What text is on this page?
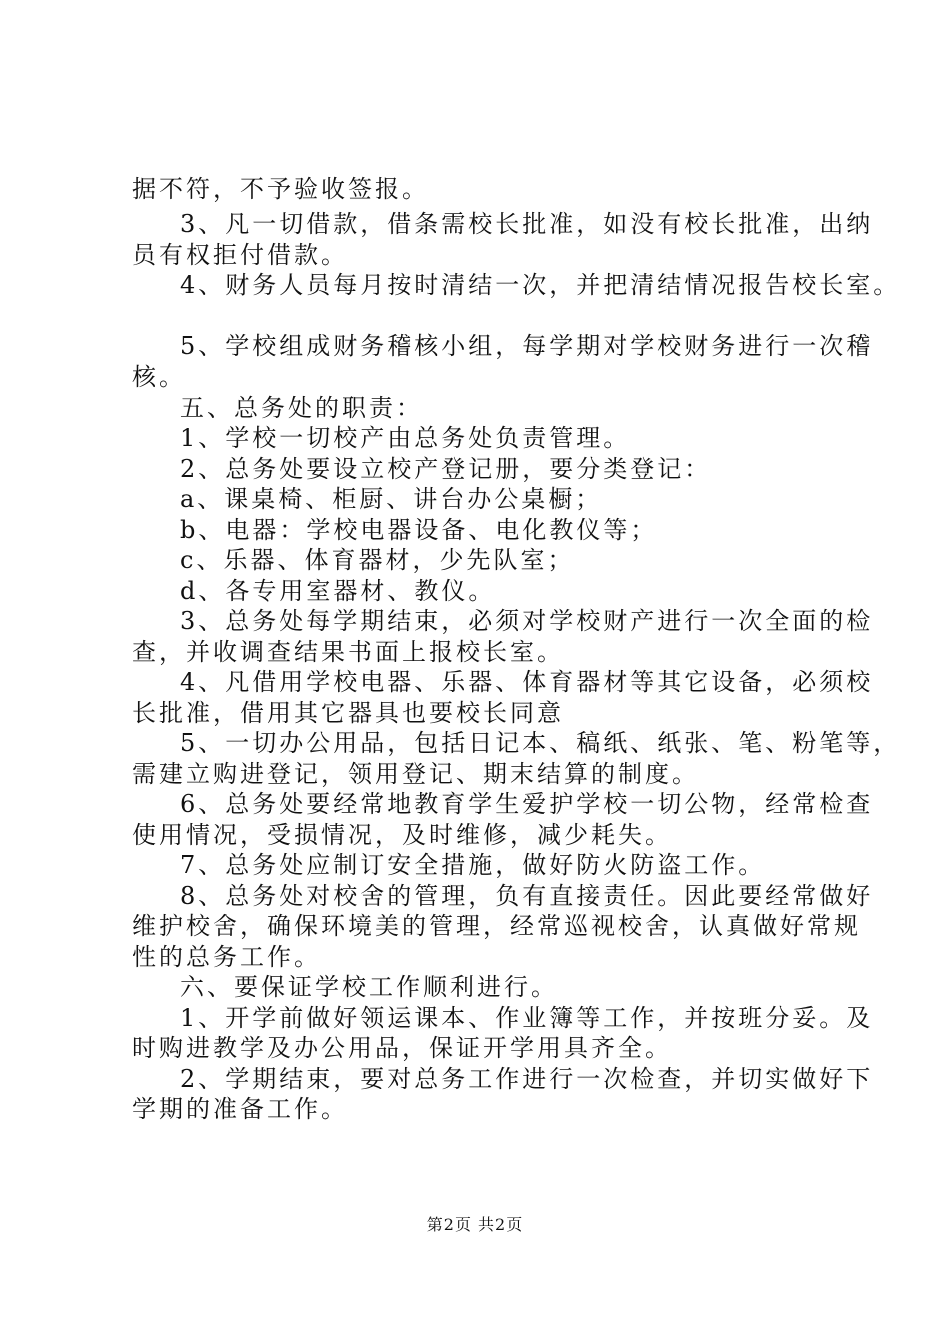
据不符，不予验收签报。
3、凡一切借款，借条需校长批准，如没有校长批准，出纳
员有权拒付借款。
4、财务人员每月按时清结一次，并把清结情况报告校长室。
5、学校组成财务稽核小组，每学期对学校财务进行一次稽
核。
五、总务处的职责：
1、学校一切校产由总务处负责管理。
2、总务处要设立校产登记册，要分类登记：
a、课桌椅、柜厨、讲台办公桌橱；
b、电器：学校电器设备、电化教仪等；
c、乐器、体育器材，少先队室；
d、各专用室器材、教仪。
3、总务处每学期结束，必须对学校财产进行一次全面的检
查，并收调查结果书面上报校长室。
4、凡借用学校电器、乐器、体育器材等其它设备，必须校
长批准，借用其它器具也要校长同意
5、一切办公用品，包括日记本、稿纸、纸张、笔、粉笔等，
需建立购进登记，领用登记、期末结算的制度。
6、总务处要经常地教育学生爱护学校一切公物，经常检查
使用情况，受损情况，及时维修，减少耗失。
7、总务处应制订安全措施，做好防火防盗工作。
8、总务处对校舍的管理，负有直接责任。因此要经常做好
维护校舍，确保环境美的管理，经常巡视校舍，认真做好常规
性的总务工作。
六、要保证学校工作顺利进行。
1、开学前做好领运课本、作业簿等工作，并按班分妥。及
时购进教学及办公用品，保证开学用具齐全。
2、学期结束，要对总务工作进行一次检查，并切实做好下
学期的准备工作。
第2页 共2页
